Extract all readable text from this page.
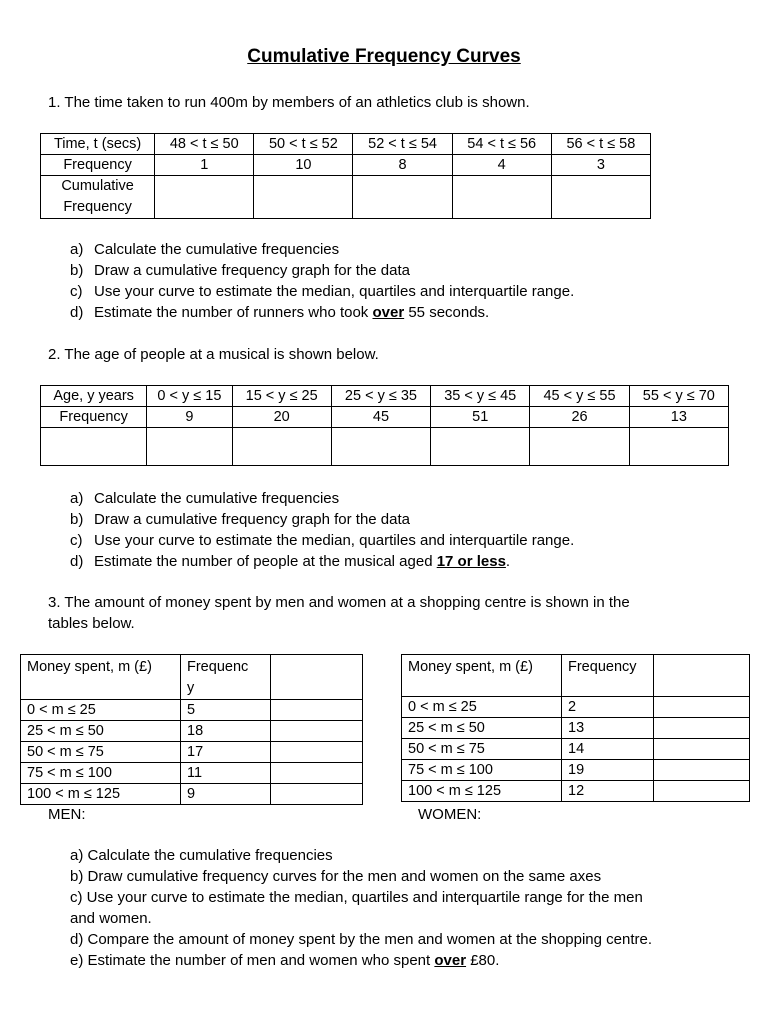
Cumulative Frequency Curves
1. The time taken to run 400m by members of an athletics club is shown.
Time, t (secs)	48 < t ≤ 50	50 < t ≤ 52	52 < t ≤ 54	54 < t ≤ 56	56 < t ≤ 58
Frequency	1	10	8	4	3

Cumulative
Frequency					

a) Calculate the cumulative frequencies
b) Draw a cumulative frequency graph for the data
c) Use your curve to estimate the median, quartiles and interquartile range.
d) Estimate the number of runners who took over 55 seconds.
2. The age of people at a musical is shown below.
Age, y years	0 < y ≤ 15	15 < y ≤ 25	25 < y ≤ 35	35 < y ≤ 45	45 < y ≤ 55	55 < y ≤ 70
Frequency	9	20	45	51	26	13

a) Calculate the cumulative frequencies
b) Draw a cumulative frequency graph for the data
c) Use your curve to estimate the median, quartiles and interquartile range.
d) Estimate the number of people at the musical aged 17 or less.
3. The amount of money spent by men and women at a shopping centre is shown in the
tables below.
Money spent, m (£)	Frequenc
y	

0 < m ≤ 25	5	
25 < m ≤ 50	18	
50 < m ≤ 75	17	
75 < m ≤ 100	11	
100 < m ≤ 125	9	
MEN:
Money spent, m (£)	Frequency	
0 < m ≤ 25	2	
25 < m ≤ 50	13	
50 < m ≤ 75	14	
75 < m ≤ 100	19	
100 < m ≤ 125	12	
WOMEN:
a) Calculate the cumulative frequencies
b) Draw cumulative frequency curves for the men and women on the same axes
c) Use your curve to estimate the median, quartiles and interquartile range for the men
and women.
d) Compare the amount of money spent by the men and women at the shopping centre.
e) Estimate the number of men and women who spent over £80.
